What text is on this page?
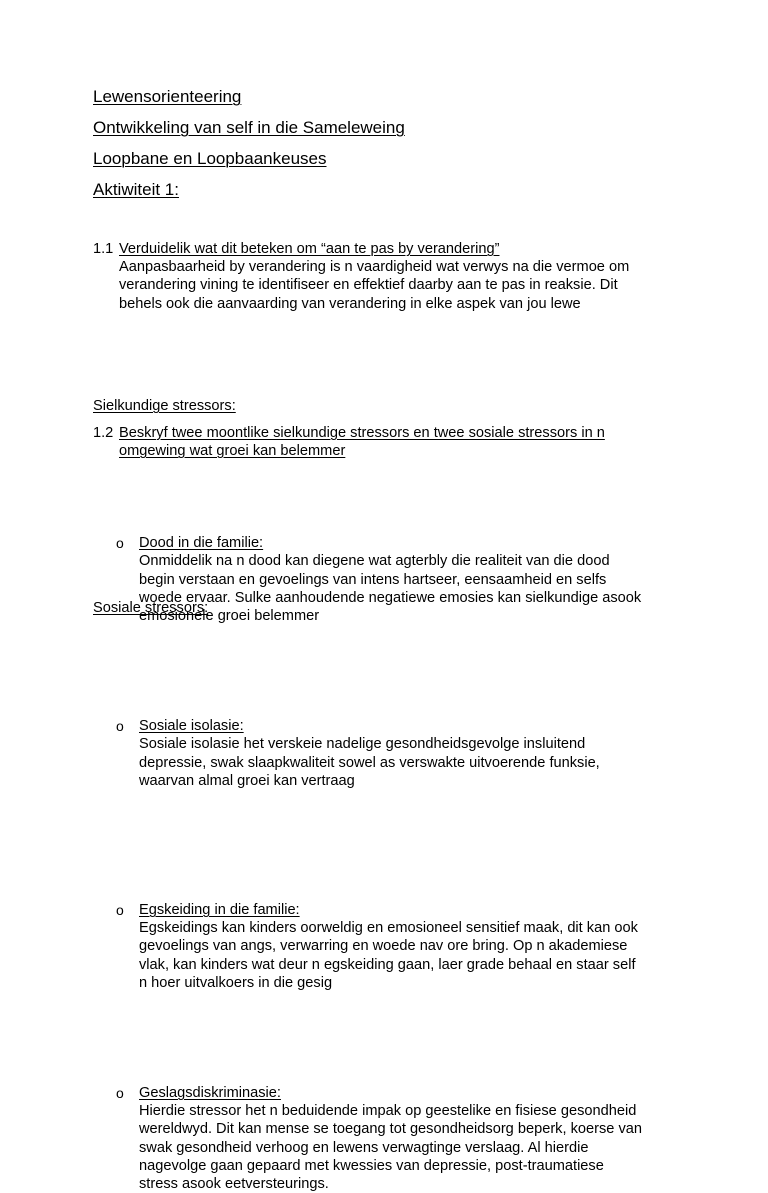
Lewensorienteering
Ontwikkeling van self in die Sameleweing
Loopbane en Loopbaankeuses
Aktiwiteit 1:
1.1 Verduidelik wat dit beteken om “aan te pas by verandering”
Aanpasbaarheid by verandering is n vaardigheid wat verwys na die vermoe om
verandering vining te identifiseer en effektief daarby aan te pas in reaksie. Dit
behels ook die aanvaarding van verandering in elke aspek van jou lewe
1.2 Beskryf twee moontlike sielkundige stressors en twee sosiale stressors in n
omgewing wat groei kan belemmer
Sielkundige stressors:
o Dood in die familie:
Onmiddelik na n dood kan diegene wat agterbly die realiteit van die dood
begin verstaan en gevoelings van intens hartseer, eensaamheid en selfs
woede ervaar. Sulke aanhoudende negatiewe emosies kan sielkundige asook
emosionele groei belemmer
o Sosiale isolasie:
Sosiale isolasie het verskeie nadelige gesondheidsgevolge insluitend
depressie, swak slaapkwaliteit sowel as verswakte uitvoerende funksie,
waarvan almal groei kan vertraag
Sosiale stressors:
o Egskeiding in die familie:
Egskeidings kan kinders oorweldig en emosioneel sensitief maak, dit kan ook
gevoelings van angs, verwarring en woede nav ore bring. Op n akademiese
vlak, kan kinders wat deur n egskeiding gaan, laer grade behaal en staar self
n hoer uitvalkoers in die gesig
o Geslagsdiskriminasie:
Hierdie stressor het n beduidende impak op geestelike en fisiese gesondheid
wereldwyd. Dit kan mense se toegang tot gesondheidsorg beperk, koerse van
swak gesondheid verhoog en lewens verwagtinge verslaag. Al hierdie
nagevolge gaan gepaard met kwessies van depressie, post-traumatiese
stress asook eetversteurings.
